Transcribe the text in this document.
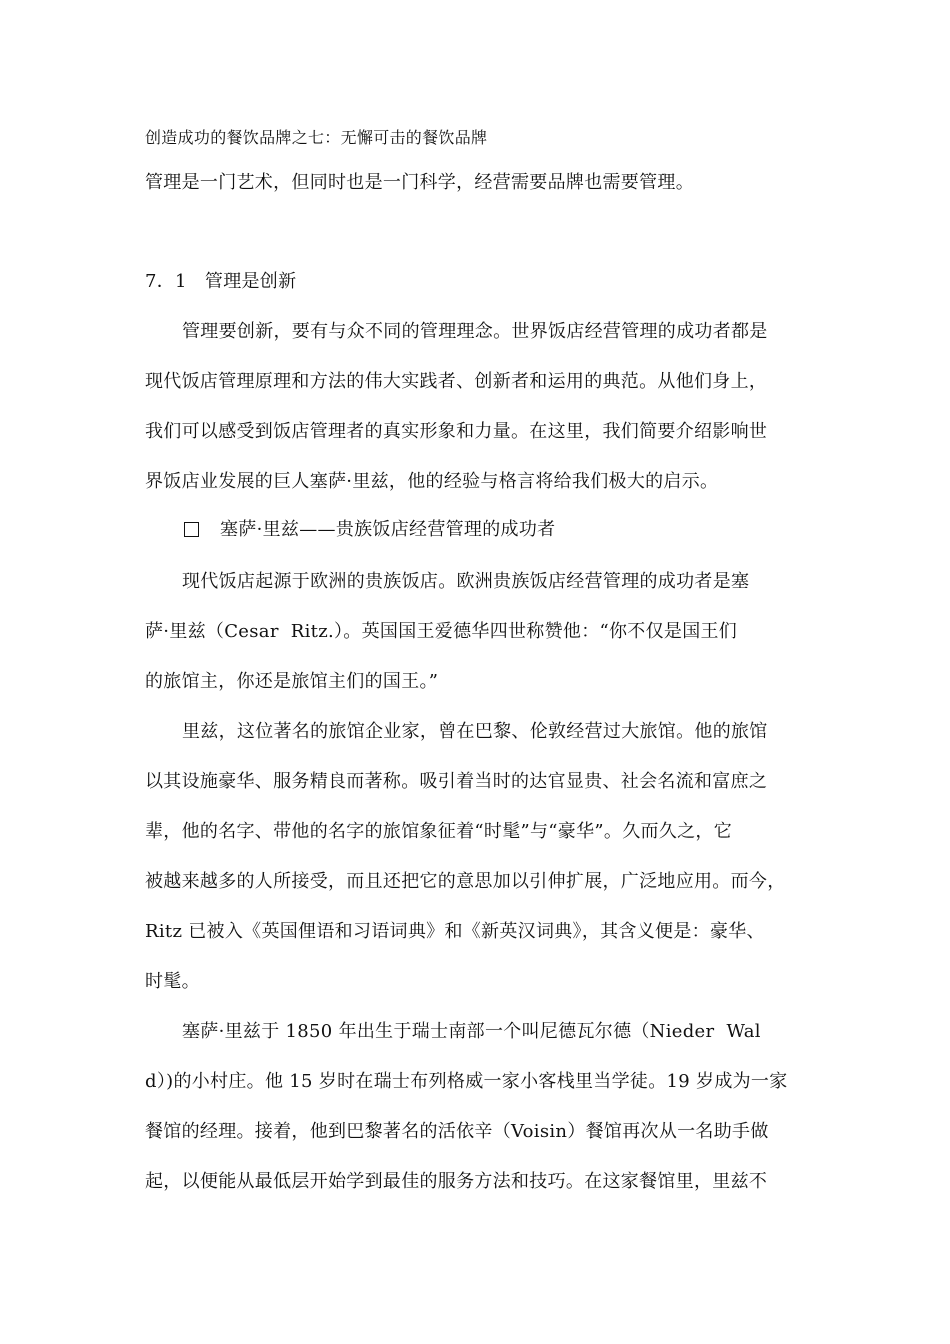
创造成功的餐饮品牌之七：无懈可击的餐饮品牌
管理是一门艺术，但同时也是一门科学，经营需要品牌也需要管理。
7．1 管理是创新
管理要创新，要有与众不同的管理理念。世界饭店经营管理的成功者都是
现代饭店管理原理和方法的伟大实践者、创新者和运用的典范。从他们身上，
我们可以感受到饭店管理者的真实形象和力量。在这里，我们简要介绍影响世
界饭店业发展的巨人塞萨·里兹，他的经验与格言将给我们极大的启示。
塞萨·里兹——贵族饭店经营管理的成功者
现代饭店起源于欧洲的贵族饭店。欧洲贵族饭店经营管理的成功者是塞
萨·里兹（Cesar  Ritz.）。英国国王爱德华四世称赞他：“你不仅是国王们
的旅馆主，你还是旅馆主们的国王。”
里兹，这位著名的旅馆企业家，曾在巴黎、伦敦经营过大旅馆。他的旅馆
以其设施豪华、服务精良而著称。吸引着当时的达官显贵、社会名流和富庶之
辈，他的名字、带他的名字的旅馆象征着“时髦”与“豪华”。久而久之，它
被越来越多的人所接受，而且还把它的意思加以引伸扩展，广泛地应用。而今，
Ritz 已被入《英国俚语和习语词典》和《新英汉词典》，其含义便是：豪华、
时髦。
塞萨·里兹于 1850 年出生于瑞士南部一个叫尼德瓦尔德（Nieder  Wal
d）)的小村庄。他 15 岁时在瑞士布列格威一家小客栈里当学徒。19 岁成为一家
餐馆的经理。接着，他到巴黎著名的活依辛（Voisin）餐馆再次从一名助手做
起，以便能从最低层开始学到最佳的服务方法和技巧。在这家餐馆里，里兹不
